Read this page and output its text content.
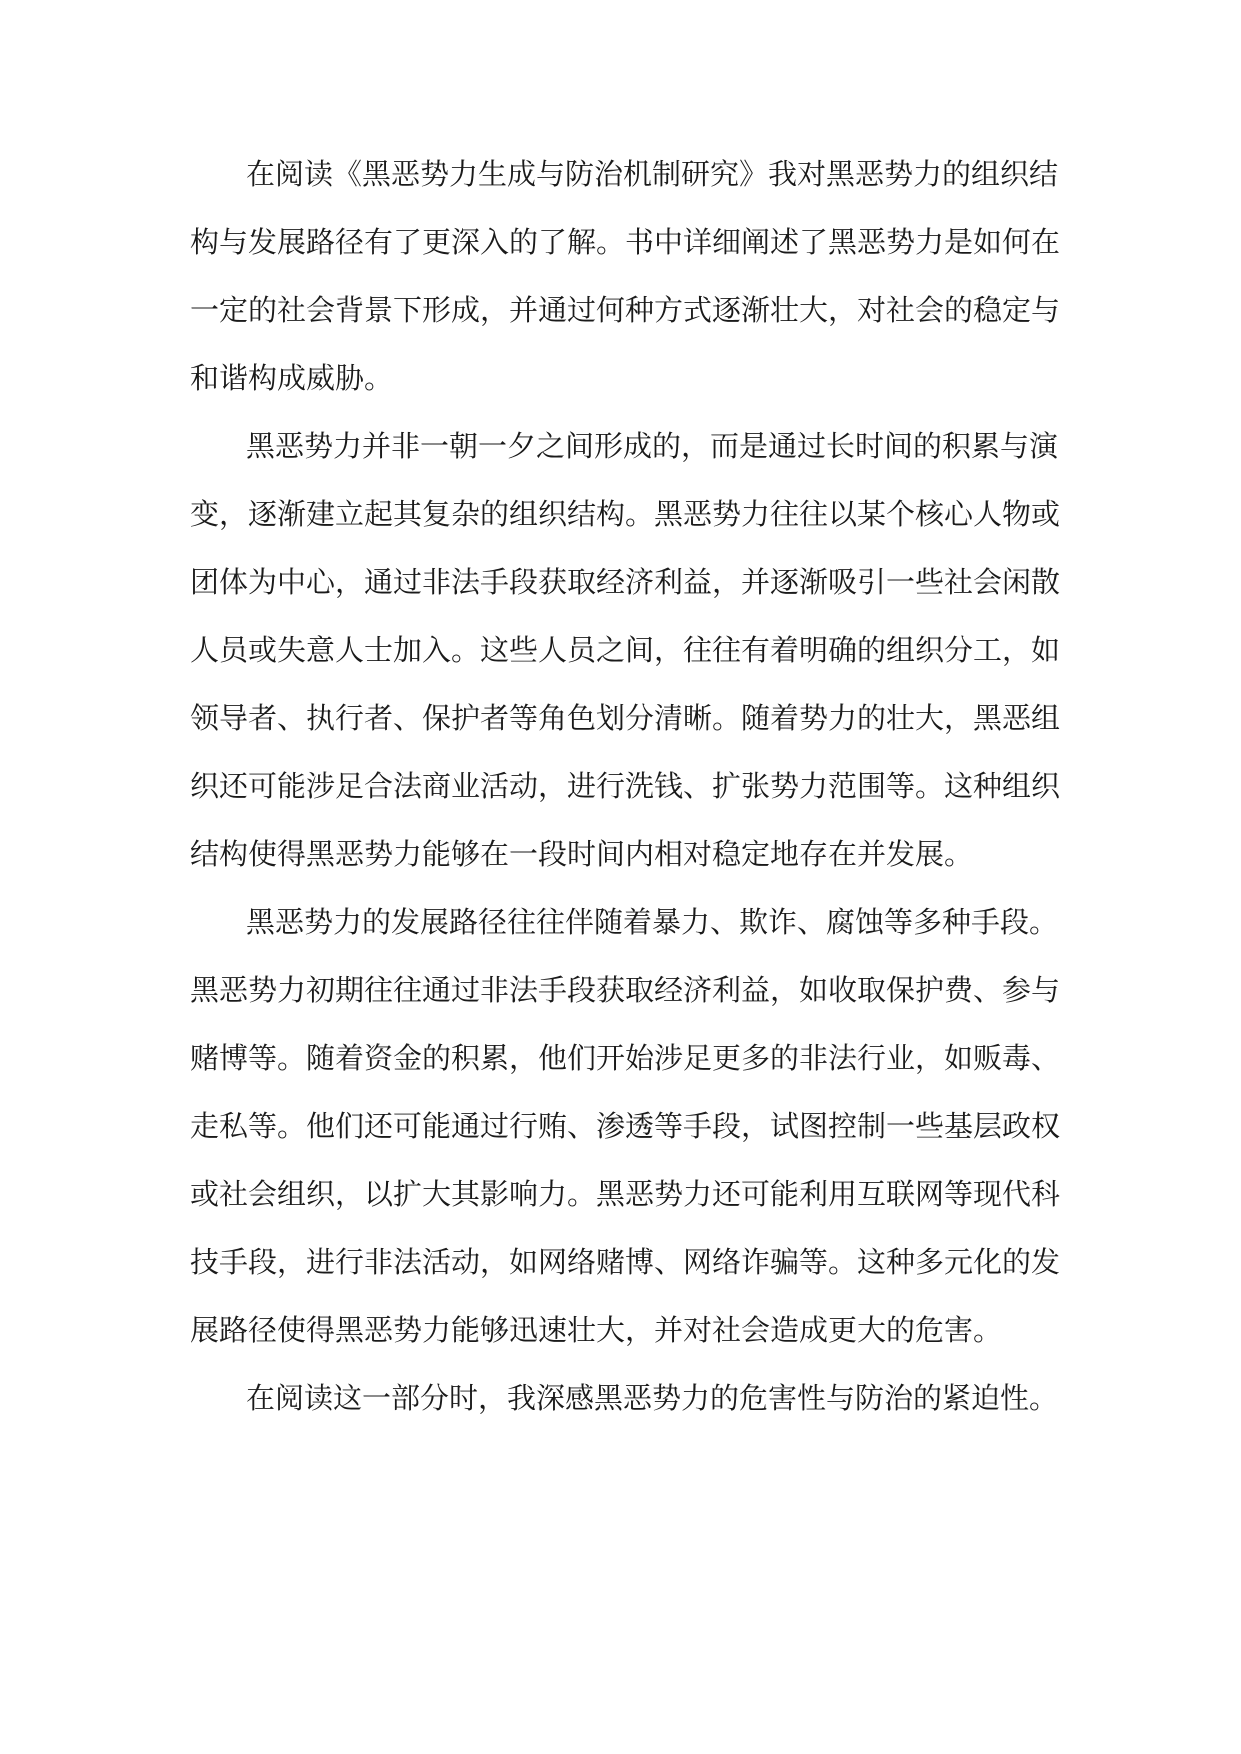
在阅读《黑恶势力生成与防治机制研究》我对黑恶势力的组织结
构与发展路径有了更深入的了解。书中详细阐述了黑恶势力是如何在
一定的社会背景下形成，并通过何种方式逐渐壮大，对社会的稳定与
和谐构成威胁。
黑恶势力并非一朝一夕之间形成的，而是通过长时间的积累与演
变，逐渐建立起其复杂的组织结构。黑恶势力往往以某个核心人物或
团体为中心，通过非法手段获取经济利益，并逐渐吸引一些社会闲散
人员或失意人士加入。这些人员之间，往往有着明确的组织分工，如
领导者、执行者、保护者等角色划分清晰。随着势力的壮大，黑恶组
织还可能涉足合法商业活动，进行洗钱、扩张势力范围等。这种组织
结构使得黑恶势力能够在一段时间内相对稳定地存在并发展。
黑恶势力的发展路径往往伴随着暴力、欺诈、腐蚀等多种手段。
黑恶势力初期往往通过非法手段获取经济利益，如收取保护费、参与
赌博等。随着资金的积累，他们开始涉足更多的非法行业，如贩毒、
走私等。他们还可能通过行贿、渗透等手段，试图控制一些基层政权
或社会组织，以扩大其影响力。黑恶势力还可能利用互联网等现代科
技手段，进行非法活动，如网络赌博、网络诈骗等。这种多元化的发
展路径使得黑恶势力能够迅速壮大，并对社会造成更大的危害。
在阅读这一部分时，我深感黑恶势力的危害性与防治的紧迫性。
